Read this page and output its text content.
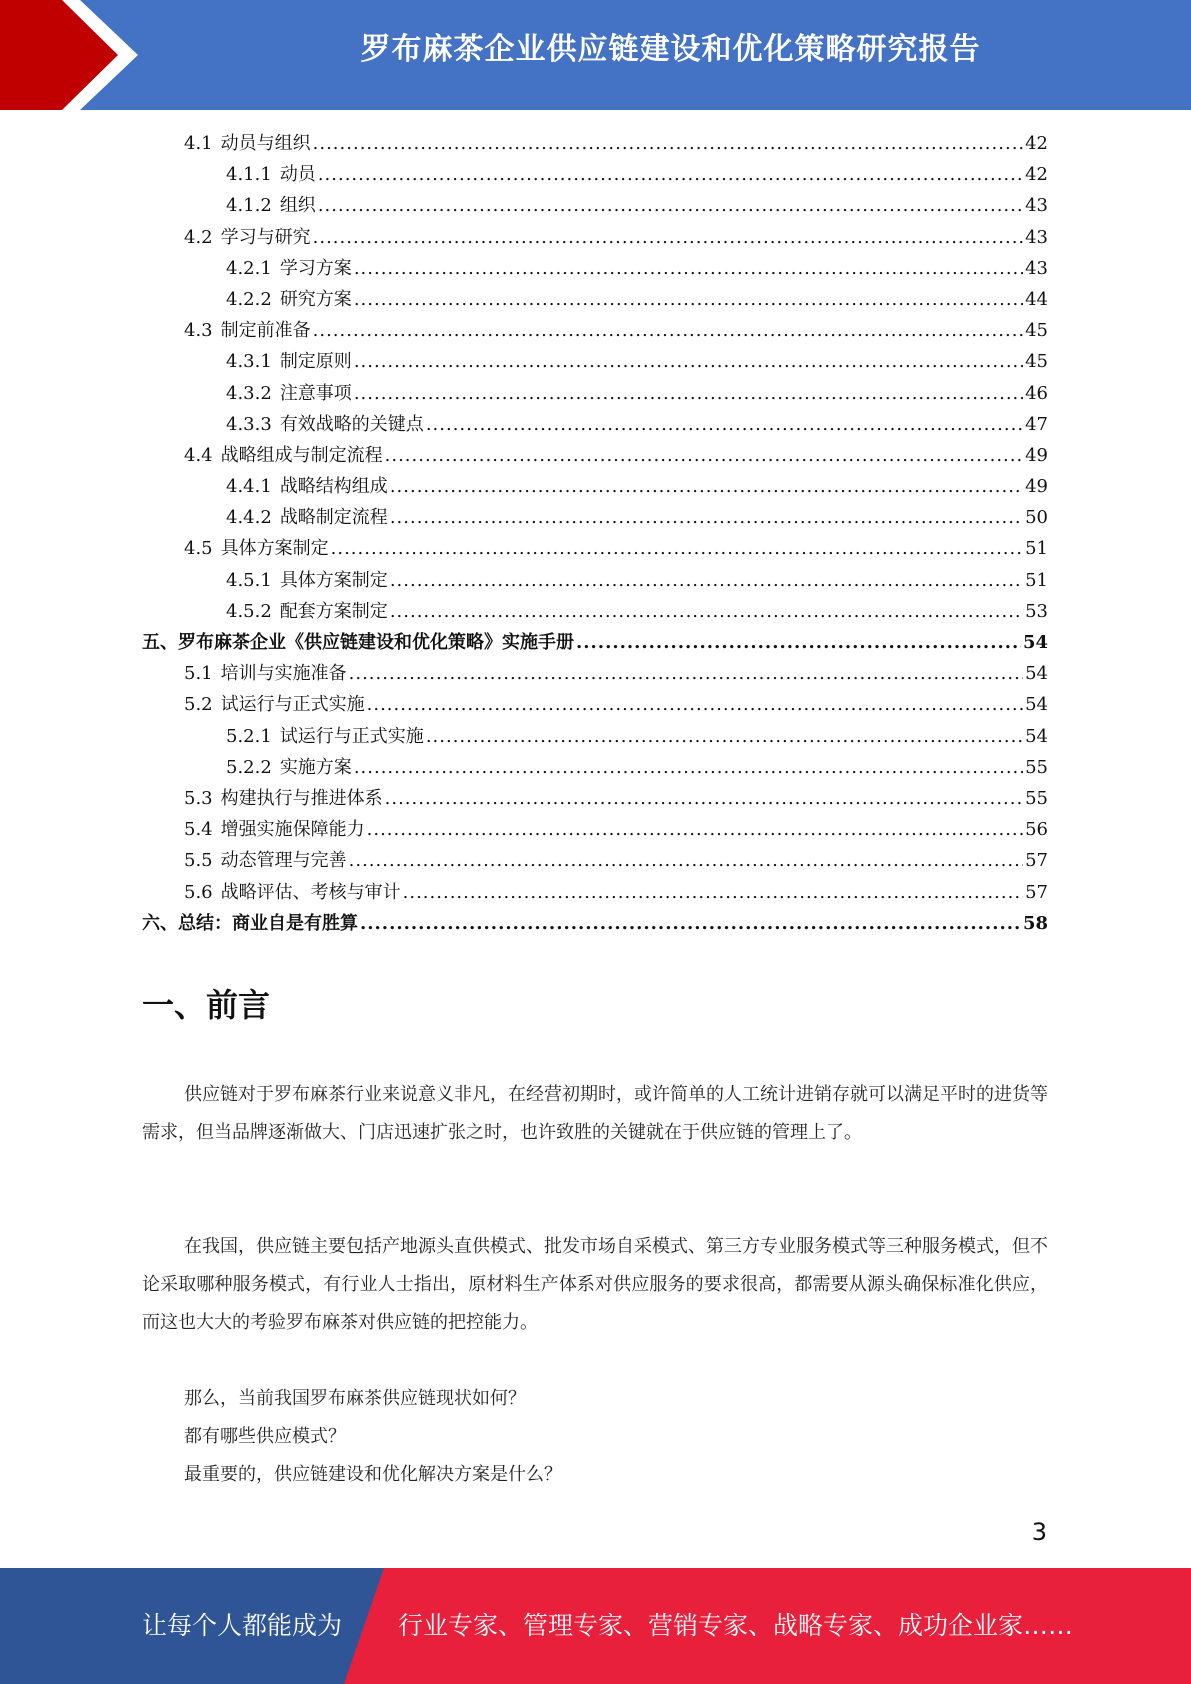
罗布麻茶企业供应链建设和优化策略研究报告
4.1 动员与组织 .....	42
4.1.1 动员 .....	42
4.1.2 组织 .....	43
4.2 学习与研究 .....	43
4.2.1 学习方案 .....	43
4.2.2 研究方案 .....	44
4.3 制定前准备 .....	45
4.3.1 制定原则 .....	45
4.3.2 注意事项 .....	46
4.3.3 有效战略的关键点 .....	47
4.4 战略组成与制定流程 .....	49
4.4.1 战略结构组成 .....	49
4.4.2 战略制定流程 .....	50
4.5 具体方案制定 .....	51
4.5.1 具体方案制定 .....	51
4.5.2 配套方案制定 .....	53
五、罗布麻茶企业《供应链建设和优化策略》实施手册 .....	54
5.1 培训与实施准备 .....	54
5.2 试运行与正式实施 .....	54
5.2.1 试运行与正式实施 .....	54
5.2.2 实施方案 .....	55
5.3 构建执行与推进体系 .....	55
5.4 增强实施保障能力 .....	56
5.5 动态管理与完善 .....	57
5.6 战略评估、考核与审计 .....	57
六、总结：商业自是有胜算 .....	58
一、前言
供应链对于罗布麻茶行业来说意义非凡，在经营初期时，或许简单的人工统计进销存就可以满足平时的进货等需求，但当品牌逐渐做大、门店迅速扩张之时，也许致胜的关键就在于供应链的管理上了。
在我国，供应链主要包括产地源头直供模式、批发市场自采模式、第三方专业服务模式等三种服务模式，但不论采取哪种服务模式，有行业人士指出，原材料生产体系对供应服务的要求很高，都需要从源头确保标准化供应，而这也大大的考验罗布麻茶对供应链的把控能力。
那么，当前我国罗布麻茶供应链现状如何？
都有哪些供应模式？
最重要的，供应链建设和优化解决方案是什么？
3
让每个人都能成为 行业专家、管理专家、营销专家、战略专家、成功企业家……
